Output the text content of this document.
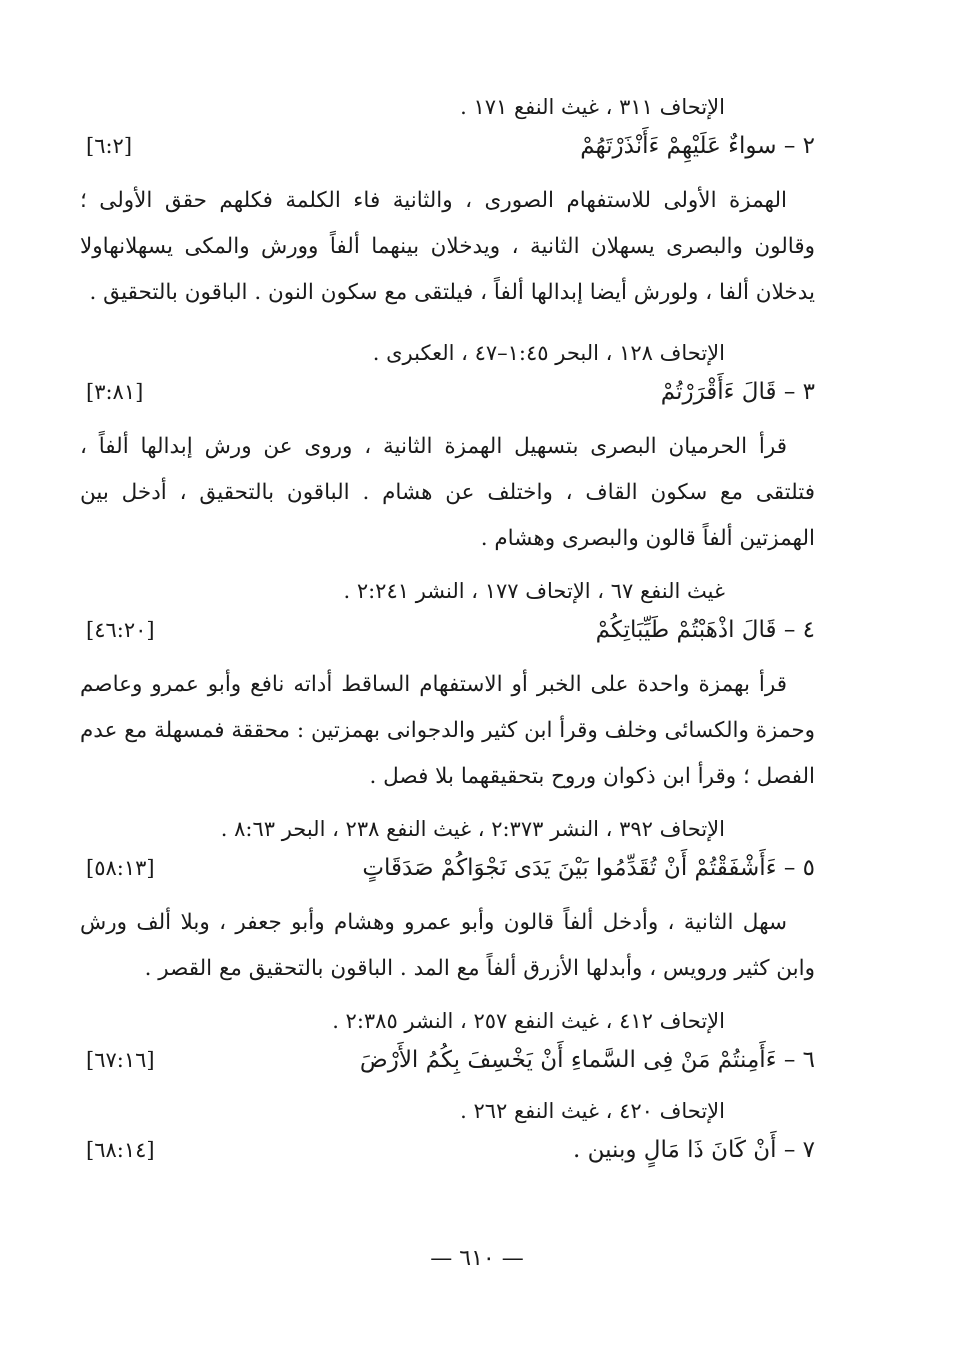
الإتحاف ٣١١ ، غيث النفع ١٧١ .

٢ – سواءٌ عَلَيْهِمْ ءَأَنْذَرْتَهُمْ
[٦:٢]

الهمزة الأولى للاستفهام الصورى ، والثانية فاء الكلمة فكلهم حقق الأولى ؛ وقالون والبصرى يسهلان الثانية ، ويدخلان بينهما ألفاً وورش والمكى يسهلانهاولا يدخلان ألفا ، ولورش أيضا إبدالها ألفاً ، فيلتقى مع سكون النون . الباقون بالتحقيق .

الإتحاف ١٢٨ ، البحر ١:٤٥–٤٧ ، العكبرى .

٣ – قَالَ ءَأَقْرَرْتُمْ
[٣:٨١]

قرأ الحرميان البصرى بتسهيل الهمزة الثانية ، وروى عن ورش إبدالها ألفاً ، فتلتقى مع سكون القاف ، واختلف عن هشام . الباقون بالتحقيق ، أدخل بين الهمزتين ألفاً قالون والبصرى وهشام .

غيث النفع ٦٧ ، الإتحاف ١٧٧ ، النشر ٢:٢٤١ .

٤ – قَالَ اذْهَبْتُمْ طَيِّبَاتِكُمْ
[٤٦:٢٠]

قرأ بهمزة واحدة على الخبر أو الاستفهام الساقط أداته نافع وأبو عمرو وعاصم وحمزة والكسائى وخلف وقرأ ابن كثير والدجوانى بهمزتين : محققة فمسهلة مع عدم الفصل ؛ وقرأ ابن ذكوان وروح بتحقيقهما بلا فصل .

الإتحاف ٣٩٢ ، النشر ٢:٣٧٣ ، غيث النفع ٢٣٨ ، البحر ٨:٦٣ .

٥ – ءَأَشْفَقْتُمْ أَنْ تُقَدِّمُوا بَيْنَ يَدَى نَجْوَاكُمْ صَدَقَاتٍ
[٥٨:١٣]

سهل الثانية ، وأدخل ألفاً قالون وأبو عمرو وهشام وأبو جعفر ، وبلا ألف ورش وابن كثير ورويس ، وأبدلها الأزرق ألفاً مع المد . الباقون بالتحقيق مع القصر .

الإتحاف ٤١٢ ، غيث النفع ٢٥٧ ، النشر ٢:٣٨٥ .

٦ – ءَأَمِنتُمْ مَنْ فِى السَّماءِ أَنْ يَخْسِفَ بِكُمُ الأَرْضَ
[٦٧:١٦]

الإتحاف ٤٢٠ ، غيث النفع ٢٦٢ .

٧ – أَنْ كَانَ ذَا مَالٍ وبنين .
[٦٨:١٤]
— ٦١٠ —
